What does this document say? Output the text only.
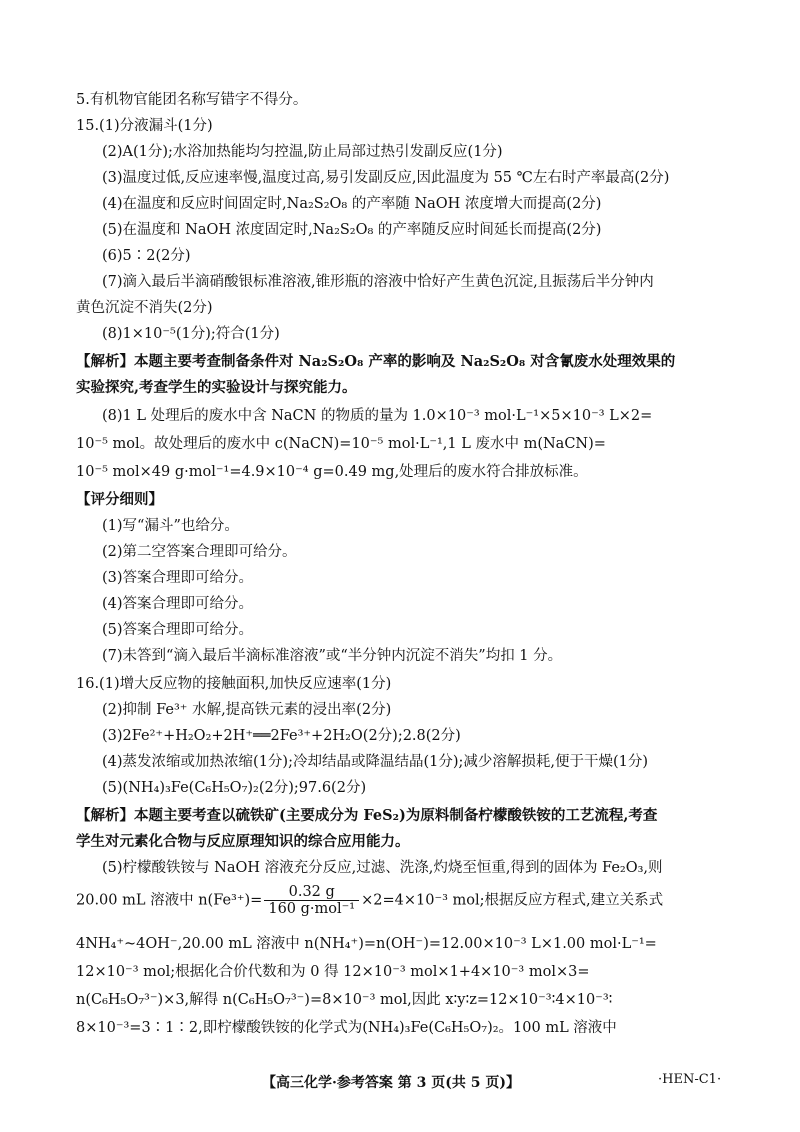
5.有机物官能团名称写错字不得分。
15.(1)分液漏斗(1分)
(2)A(1分);水浴加热能均匀控温,防止局部过热引发副反应(1分)
(3)温度过低,反应速率慢,温度过高,易引发副反应,因此温度为 55 ℃左右时产率最高(2分)
(4)在温度和反应时间固定时,Na₂S₂O₈ 的产率随 NaOH 浓度增大而提高(2分)
(5)在温度和 NaOH 浓度固定时,Na₂S₂O₈ 的产率随反应时间延长而提高(2分)
(6)5∶2(2分)
(7)滴入最后半滴硝酸银标准溶液,锥形瓶的溶液中恰好产生黄色沉淀,且振荡后半分钟内
黄色沉淀不消失(2分)
(8)1×10⁻⁵(1分);符合(1分)
【解析】本题主要考查制备条件对 Na₂S₂O₈ 产率的影响及 Na₂S₂O₈ 对含氰废水处理效果的
实验探究,考查学生的实验设计与探究能力。
(8)1 L 处理后的废水中含 NaCN 的物质的量为 1.0×10⁻³ mol·L⁻¹×5×10⁻³ L×2=
10⁻⁵ mol。故处理后的废水中 c(NaCN)=10⁻⁵ mol·L⁻¹,1 L 废水中 m(NaCN)=
10⁻⁵ mol×49 g·mol⁻¹=4.9×10⁻⁴ g=0.49 mg,处理后的废水符合排放标准。
【评分细则】
(1)写“漏斗”也给分。
(2)第二空答案合理即可给分。
(3)答案合理即可给分。
(4)答案合理即可给分。
(5)答案合理即可给分。
(7)未答到“滴入最后半滴标准溶液”或“半分钟内沉淀不消失”均扣 1 分。
16.(1)增大反应物的接触面积,加快反应速率(1分)
(2)抑制 Fe³⁺ 水解,提高铁元素的浸出率(2分)
(3)2Fe²⁺+H₂O₂+2H⁺══2Fe³⁺+2H₂O(2分);2.8(2分)
(4)蒸发浓缩或加热浓缩(1分);冷却结晶或降温结晶(1分);减少溶解损耗,便于干燥(1分)
(5)(NH₄)₃Fe(C₆H₅O₇)₂(2分);97.6(2分)
【解析】本题主要考查以硫铁矿(主要成分为 FeS₂)为原料制备柠檬酸铁铵的工艺流程,考查
学生对元素化合物与反应原理知识的综合应用能力。
(5)柠檬酸铁铵与 NaOH 溶液充分反应,过滤、洗涤,灼烧至恒重,得到的固体为 Fe₂O₃,则
20.00 mL 溶液中 $n(Fe^{3+})= \frac{0.32 g}{\text{160 g·mol⁻¹}} \times 2=4\times 10^{-3}$ mol;根据反应方程式,建立关系式
4NH₄⁺~4OH⁻,20.00 mL 溶液中 n(NH₄⁺)=n(OH⁻)=12.00×10⁻³ L×1.00 mol·L⁻¹=
12×10⁻³ mol;根据化合价代数和为 0 得 12×10⁻³ mol×1+4×10⁻³ mol×3=
n(C₆H₅O₇³⁻)×3,解得 n(C₆H₅O₇³⁻)=8×10⁻³ mol,因此 x∶y∶z=12×10⁻³∶4×10⁻³∶
8×10⁻³=3∶1∶2,即柠檬酸铁铵的化学式为(NH₄)₃Fe(C₆H₅O₇)₂。100 mL 溶液中
【高三化学·参考答案 第 3 页(共 5 页)】	·HEN-C1·
